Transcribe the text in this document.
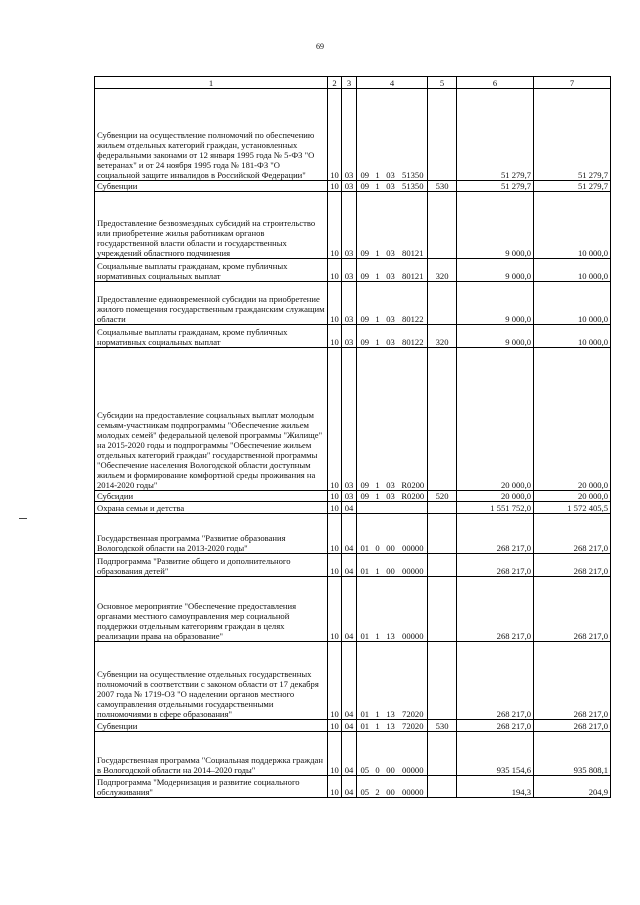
69
1	2	3	4				5	6	7
Субвенции на осуществление полномочий по обеспечению жильем отдельных категорий граждан, установленных федеральными законами от 12 января 1995 года № 5-ФЗ "О ветеранах" и от 24 ноября 1995 года № 181-ФЗ "О социальной защите инвалидов в Российской Федерации"	10	03	09	1	03	51350		51 279,7	51 279,7
Субвенции	10	03	09	1	03	51350	530	51 279,7	51 279,7
Предоставление безвозмездных субсидий на строительство или приобретение жилья работникам органов государственной власти области и государственных учреждений областного подчинения	10	03	09	1	03	80121		9 000,0	10 000,0
Социальные выплаты гражданам, кроме публичных нормативных социальных выплат	10	03	09	1	03	80121	320	9 000,0	10 000,0
Предоставление единовременной субсидии на приобретение жилого помещения государственным гражданским служащим области	10	03	09	1	03	80122		9 000,0	10 000,0
Социальные выплаты гражданам, кроме публичных нормативных социальных выплат	10	03	09	1	03	80122	320	9 000,0	10 000,0
Субсидии на предоставление социальных выплат молодым семьям-участникам подпрограммы "Обеспечение жильем молодых семей" федеральной целевой программы "Жилище" на 2015-2020 годы и подпрограммы "Обеспечение жильем отдельных категорий граждан" государственной программы "Обеспечение населения Вологодской области доступным жильем и формирование комфортной среды проживания на 2014-2020 годы"	10	03	09	1	03	R0200		20 000,0	20 000,0
Субсидии	10	03	09	1	03	R0200	520	20 000,0	20 000,0
Охрана семьи и детства	10	04						1 551 752,0	1 572 405,5
Государственная программа "Развитие образования Вологодской области на 2013-2020 годы"	10	04	01	0	00	00000		268 217,0	268 217,0
Подпрограмма "Развитие общего и дополнительного образования детей"	10	04	01	1	00	00000		268 217,0	268 217,0
Основное мероприятие "Обеспечение предоставления органами местного самоуправления мер социальной поддержки отдельным категориям граждан в целях реализации права на образование"	10	04	01	1	13	00000		268 217,0	268 217,0
Субвенции на осуществление отдельных государственных полномочий в соответствии с законом области от 17 декабря 2007 года № 1719-ОЗ "О наделении органов местного самоуправления отдельными государственными полномочиями в сфере образования"	10	04	01	1	13	72020		268 217,0	268 217,0
Субвенции	10	04	01	1	13	72020	530	268 217,0	268 217,0
Государственная программа "Социальная поддержка граждан в Вологодской области на 2014–2020 годы"	10	04	05	0	00	00000		935 154,6	935 808,1
Подпрограмма "Модернизация и развитие социального обслуживания"	10	04	05	2	00	00000		194,3	204,9
